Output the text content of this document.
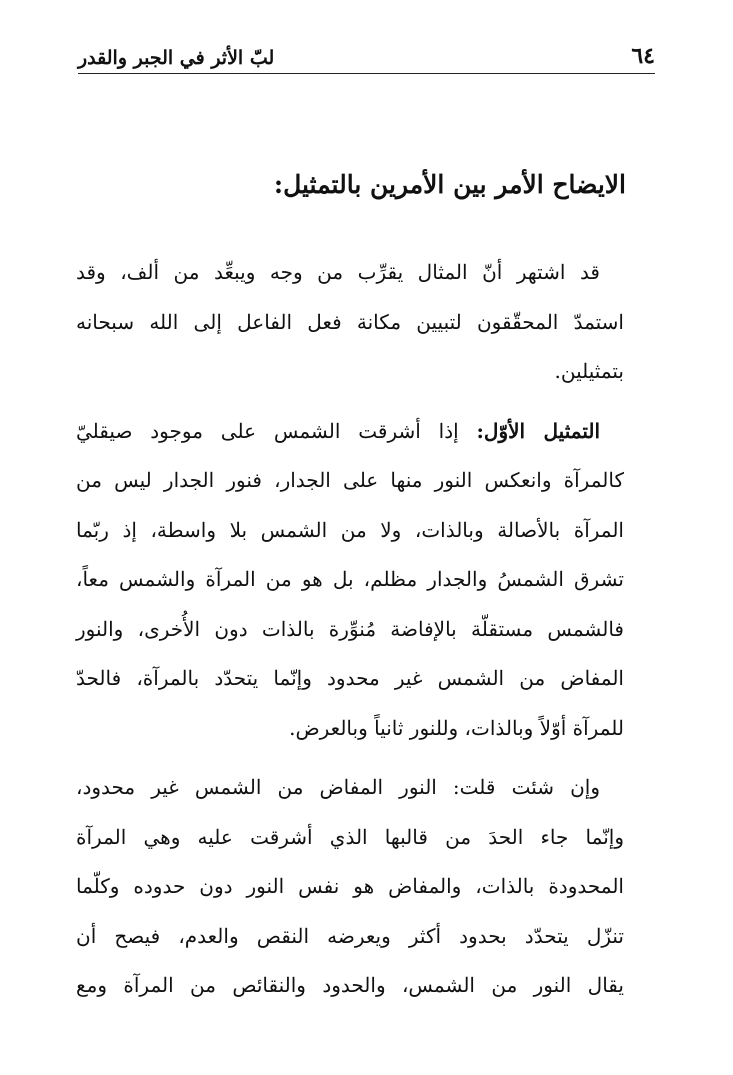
٦٤
لبّ الأثر في الجبر والقدر
الايضاح الأمر بين الأمرين بالتمثيل:

قد اشتهر أنّ المثال يقرِّب من وجه ويبعِّد من ألف، وقد
استمدّ المحقّقون لتبيين مكانة فعل الفاعل إلى الله سبحانه
بتمثيلين.

التمثيل الأوّل: إذا أشرقت الشمس على موجود صيقليّ
كالمرآة وانعكس النور منها على الجدار، فنور الجدار ليس من
المرآة بالأصالة وبالذات، ولا من الشمس بلا واسطة، إذ ربّما
تشرق الشمسُ والجدار مظلم، بل هو من المرآة والشمس معاً،
فالشمس مستقلّة بالإفاضة مُنوِّرة بالذات دون الأُخرى، والنور
المفاض من الشمس غير محدود وإنّما يتحدّد بالمرآة، فالحدّ
للمرآة أوّلاً وبالذات، وللنور ثانياً وبالعرض.

وإن شئت قلت: النور المفاض من الشمس غير محدود،
وإنّما جاء الحدَ من قالبها الذي أشرقت عليه وهي المرآة
المحدودة بالذات، والمفاض هو نفس النور دون حدوده وكلّما
تنزّل يتحدّد بحدود أكثر ويعرضه النقص والعدم، فيصح أن
يقال النور من الشمس، والحدود والنقائص من المرآة ومع
